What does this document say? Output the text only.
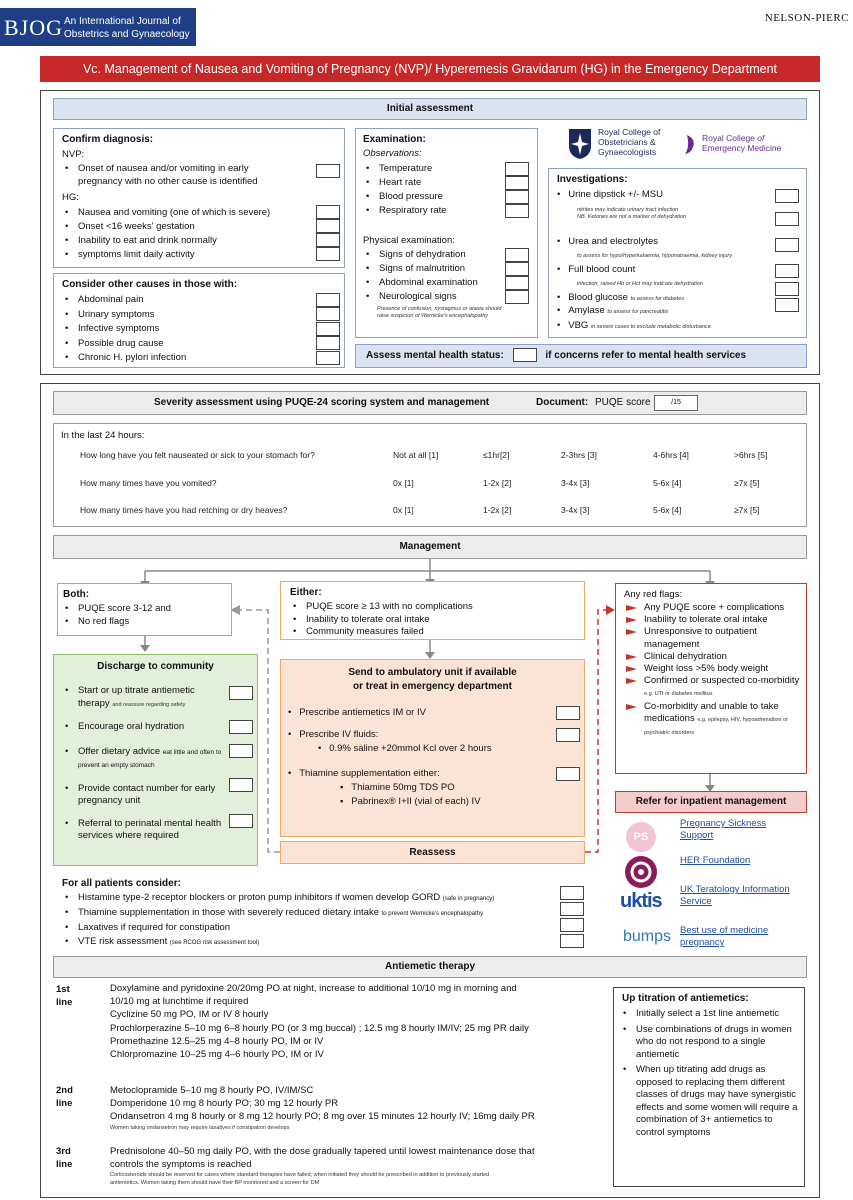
BJOG An International Journal of
Obstetrics and Gynaecology
NELSON-PIERC
Vc. Management of Nausea and Vomiting of Pregnancy (NVP)/ Hyperemesis Gravidarum (HG) in the Emergency Department
Initial assessment
Confirm diagnosis:
NVP:
• Onset of nausea and/or vomiting in early pregnancy with no other cause is identified
HG:
• Nausea and vomiting (one of which is severe)
• Onset <16 weeks' gestation
• Inability to eat and drink normally
• symptoms limit daily activity
Consider other causes in those with:
• Abdominal pain
• Urinary symptoms
• Infective symptoms
• Possible drug cause
• Chronic H. pylori infection
Examination:
Observations:
• Temperature
• Heart rate
• Blood pressure
• Respiratory rate
Physical examination:
• Signs of dehydration
• Signs of malnutrition
• Abdominal examination
• Neurological signs
Presence of confusion, nystagmus or ataxia should raise suspicion of Wernicke's encephalopathy
Royal College of Obstetricians & Gynaecologists
Royal College of
Emergency Medicine
Investigations:
•   Urine dipstick +/- MSU
nitrites may indicate urinary tract infection
NB. Ketones are not a marker of dehydration
•   Urea and electrolytes
to assess for hypo/hyperkalaemia, hyponatraemia, kidney injury
•   Full blood count
infection, raised Hb or Hct may indicate dehydration
•   Blood glucose to assess for diabetes
•   Amylase to assess for pancreatitis
•   VBG in severe cases to exclude metabolic disturbance
Assess mental health status:	if concerns refer to mental health services
Severity assessment using PUQE-24 scoring system and management	Document: PUQE score	/15
In the last 24 hours:
How long have you felt nauseated or sick to your stomach for?	Not at all [1]	≤1hr[2]	2-3hrs [3]	4-6hrs [4]	>6hrs [5]
How many times have you vomited?	0x [1]	1-2x [2]	3-4x [3]	5-6x [4]	≥7x [5]
How many times have you had retching or dry heaves?	0x [1]	1-2x [2]	3-4x [3]	5-6x [4]	≥7x [5]
Management
Both:
• PUQE score 3-12 and
• No red flags
Either:
• PUQE score ≥ 13 with no complications
• Inability to tolerate oral intake
• Community measures failed
Any red flags:
Any PUQE score + complications
Inability to tolerate oral intake
Unresponsive to outpatient management
Clinical dehydration
Weight loss >5% body weight
Confirmed or suspected co-morbidity e.g. UTI or diabetes mellitus
Co-morbidity and unable to take medications e.g. epilepsy, HIV, hypoadrenalism or psychiatric disorders
Discharge to community
• Start or up titrate antiemetic therapy and reassure regarding safety
• Encourage oral hydration
• Offer dietary advice eat little and often to prevent an empty stomach
• Provide contact number for early pregnancy unit
• Referral to perinatal mental health services where required
Send to ambulatory unit if available
or treat in emergency department
•   Prescribe antiemetics IM or IV
•   Prescribe IV fluids:
•   0.9% saline +20mmol Kcl over 2 hours
•   Thiamine supplementation either:
▪   Thiamine 50mg TDS PO
▪   Pabrinex® I+II (vial of each) IV
Reassess
Refer for inpatient management
PS
Pregnancy Sickness Support
HER Foundation
uktis
UK Teratology Information Service
bumps Best use of medicine pregnancy
For all patients consider:
• Histamine type-2 receptor blockers or proton pump inhibitors if women develop GORD (safe in pregnancy)
• Thiamine supplementation in those with severely reduced dietary intake to prevent Wernicke's encephalopathy
• Laxatives if required for constipation
• VTE risk assessment (see RCOG risk assessment tool)
Antiemetic therapy
1st line
Doxylamine and pyridoxine 20/20mg PO at night, increase to additional 10/10 mg in morning and
10/10 mg at lunchtime if required
Cyclizine 50 mg PO, IM or IV 8 hourly
Prochlorperazine 5–10 mg 6–8 hourly PO (or 3 mg buccal) ; 12.5 mg 8 hourly IM/IV; 25 mg PR daily
Promethazine 12.5–25 mg 4–8 hourly PO, IM or IV
Chlorpromazine 10–25 mg 4–6 hourly PO, IM or IV
2nd line
Metoclopramide 5–10 mg 8 hourly PO, IV/IM/SC
Domperidone 10 mg 8 hourly PO; 30 mg 12 hourly PR
Ondansetron 4 mg 8 hourly or 8 mg 12 hourly PO; 8 mg over 15 minutes 12 hourly IV; 16mg daily PR
Women taking ondansetron may require laxatives if constipation develops
3rd line
Prednisolone 40–50 mg daily PO, with the dose gradually tapered until lowest maintenance dose that
controls the symptoms is reached
Corticosteroids should be reserved for cases where standard therapies have failed; when initiated they should be prescribed in addition to previously started
antiemetics. Women taking them should have their BP monitored and a screen for DM
Up titration of antiemetics:
• Initially select a 1st line antiemetic
• Use combinations of drugs in women who do not respond to a single antiemetic
• When up titrating add drugs as opposed to replacing them different classes of drugs may have synergistic effects and some women will require a combination of 3+ antiemetics to control symptoms
